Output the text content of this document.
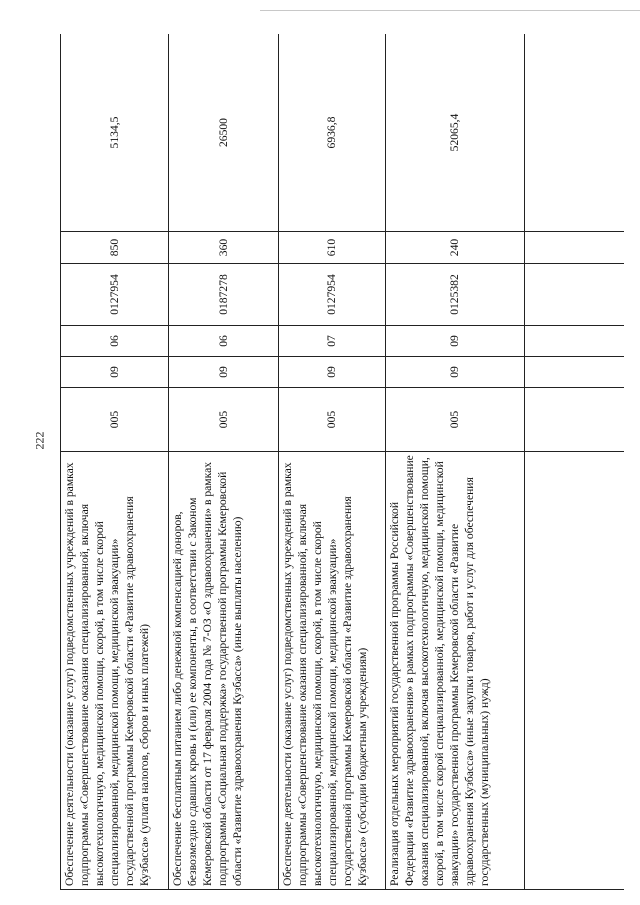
222
Обеспечение деятельности (оказание услуг) подведомственных учреждений в рамках подпрограммы «Совершенствование оказания специализированной, включая высокотехнологичную, медицинской помощи, скорой, в том числе скорой специализированной, медицинской помощи, медицинской эвакуации» государственной программы Кемеровской области «Развитие здравоохранения Кузбасса» (уплата налогов, сборов и иных платежей)	005	09	06	0127954	850	5134,5
Обеспечение бесплатным питанием либо денежной компенсацией доноров, безвозмездно сдавших кровь и (или) ее компоненты, в соответствии с Законом Кемеровской области от 17 февраля 2004 года № 7-ОЗ «О здравоохранении» в рамках подпрограммы «Социальная поддержка» государственной программы Кемеровской области «Развитие здравоохранения Кузбасса» (иные выплаты населению)	005	09	06	0187278	360	26500
Обеспечение деятельности (оказание услуг) подведомственных учреждений в рамках подпрограммы «Совершенствование оказания специализированной, включая высокотехнологичную, медицинской помощи, скорой, в том числе скорой специализированной, медицинской помощи, медицинской эвакуации» государственной программы Кемеровской области «Развитие здравоохранения Кузбасса» (субсидии бюджетным учреждениям)	005	09	07	0127954	610	6936,8
Реализация отдельных мероприятий государственной программы Российской Федерации «Развитие здравоохранения» в рамках подпрограммы «Совершенствование оказания специализированной, включая высокотехнологичную, медицинской помощи, скорой, в том числе скорой специализированной, медицинской помощи, медицинской эвакуации» государственной программы Кемеровской области «Развитие здравоохранения Кузбасса» (иные закупки товаров, работ и услуг для обеспечения государственных (муниципальных) нужд)	005	09	09	0125382	240	52065,4
